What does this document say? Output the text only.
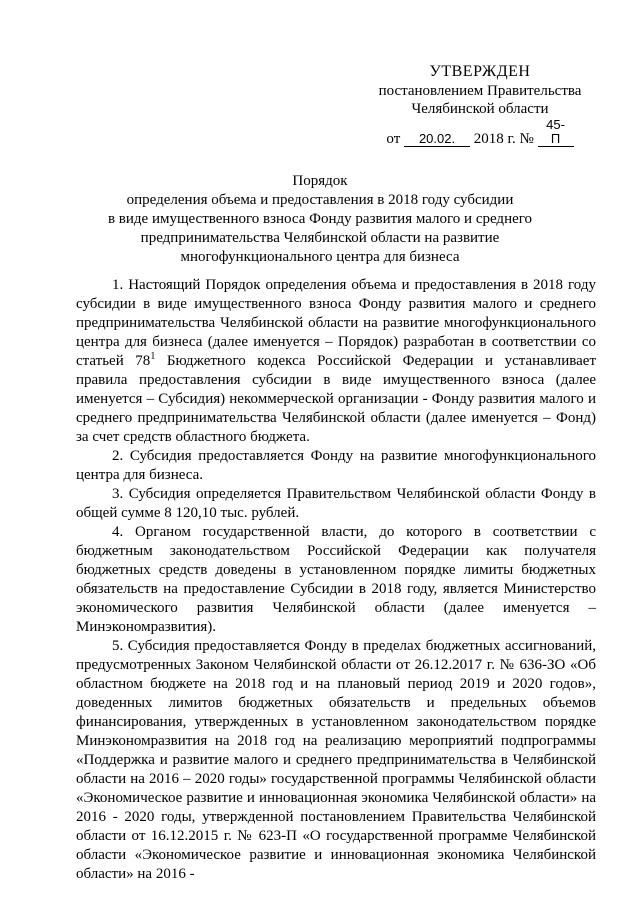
УТВЕРЖДЕН
постановлением Правительства
Челябинской области
от 20.02. 2018 г. № 45-П
Порядок
определения объема и предоставления в 2018 году субсидии
в виде имущественного взноса Фонду развития малого и среднего
предпринимательства Челябинской области на развитие
многофункционального центра для бизнеса

1. Настоящий Порядок определения объема и предоставления в 2018 году субсидии в виде имущественного взноса Фонду развития малого и среднего предпринимательства Челябинской области на развитие многофункционального центра для бизнеса (далее именуется – Порядок) разработан в соответствии со статьей $78^1$ Бюджетного кодекса Российской Федерации и устанавливает правила предоставления субсидии в виде имущественного взноса (далее именуется – Субсидия) некоммерческой организации - Фонду развития малого и среднего предпринимательства Челябинской области (далее именуется – Фонд) за счет средств областного бюджета.

2. Субсидия предоставляется Фонду на развитие многофункционального центра для бизнеса.

3. Субсидия определяется Правительством Челябинской области Фонду в общей сумме 8 120,10 тыс. рублей.

4. Органом государственной власти, до которого в соответствии с бюджетным законодательством Российской Федерации как получателя бюджетных средств доведены в установленном порядке лимиты бюджетных обязательств на предоставление Субсидии в 2018 году, является Министерство экономического развития Челябинской области (далее именуется – Минэкономразвития).

5. Субсидия предоставляется Фонду в пределах бюджетных ассигнований, предусмотренных Законом Челябинской области от 26.12.2017 г. № 636-ЗО «Об областном бюджете на 2018 год и на плановый период 2019 и 2020 годов», доведенных лимитов бюджетных обязательств и предельных объемов финансирования, утвержденных в установленном законодательством порядке Минэкономразвития на 2018 год на реализацию мероприятий подпрограммы «Поддержка и развитие малого и среднего предпринимательства в Челябинской области на 2016 – 2020 годы» государственной программы Челябинской области «Экономическое развитие и инновационная экономика Челябинской области» на 2016 - 2020 годы, утвержденной постановлением Правительства Челябинской области от 16.12.2015 г. № 623-П «О государственной программе Челябинской области «Экономическое развитие и инновационная экономика Челябинской области» на 2016 -
